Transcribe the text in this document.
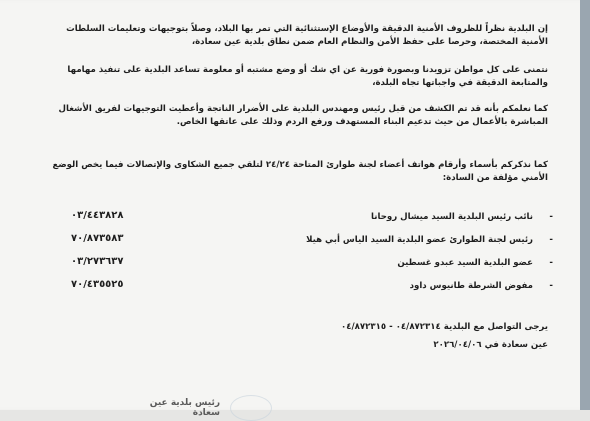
إن البلدية نظراً للظروف الأمنية الدقيقة والأوضاع الإستثنائية التي تمر بها البلاد، وصلاً بتوجيهات وتعليمات السلطات الأمنية المختصة، وحرصا على حفظ الأمن والنظام العام ضمن نطاق بلدية عين سعادة،
نتمنى على كل مواطن تزويدنا وبصورة فورية عن اي شك أو وضع مشتبه أو معلومة تساعد البلدية على تنفيذ مهامها والمتابعة الدقيقة في واجباتها تجاه البلدة،
كما نعلمكم بأنه قد تم الكشف من قبل رئيس ومهندس البلدية على الأضرار الناتجة وأعطيت التوجيهات لفريق الأشغال المباشرة بالأعمال من حيث تدعيم البناء المستهدف ورفع الردم وذلك على عاتقها الخاص.
كما نذكركم بأسماء وأرقام هواتف أعضاء لجنة طوارئ المتاحة ٢٤/٢٤ لتلقي جميع الشكاوى والإتصالات فيما يخص الوضع الأمني مؤلفة من السادة:
-
نائب رئيس البلدية السيد ميشال روحانا
٠٣/٤٤٣٨٢٨
-
رئيس لجنة الطوارئ عضو البلدية السيد الياس أبي هيلا
٧٠/٨٧٣٥٨٣
-
عضو البلدية السيد عبدو غسطين
٠٣/٢٧٣٦٣٧
-
مفوض الشرطة طانيوس داود
٧٠/٤٣٥٥٢٥
يرجى التواصل مع البلدية ٠٤/٨٧٢٣١٤ - ٠٤/٨٧٢٣١٥
عين سعادة في ٢٠٢٦/٠٤/٠٦
رئيس بلدية عين سعادة
